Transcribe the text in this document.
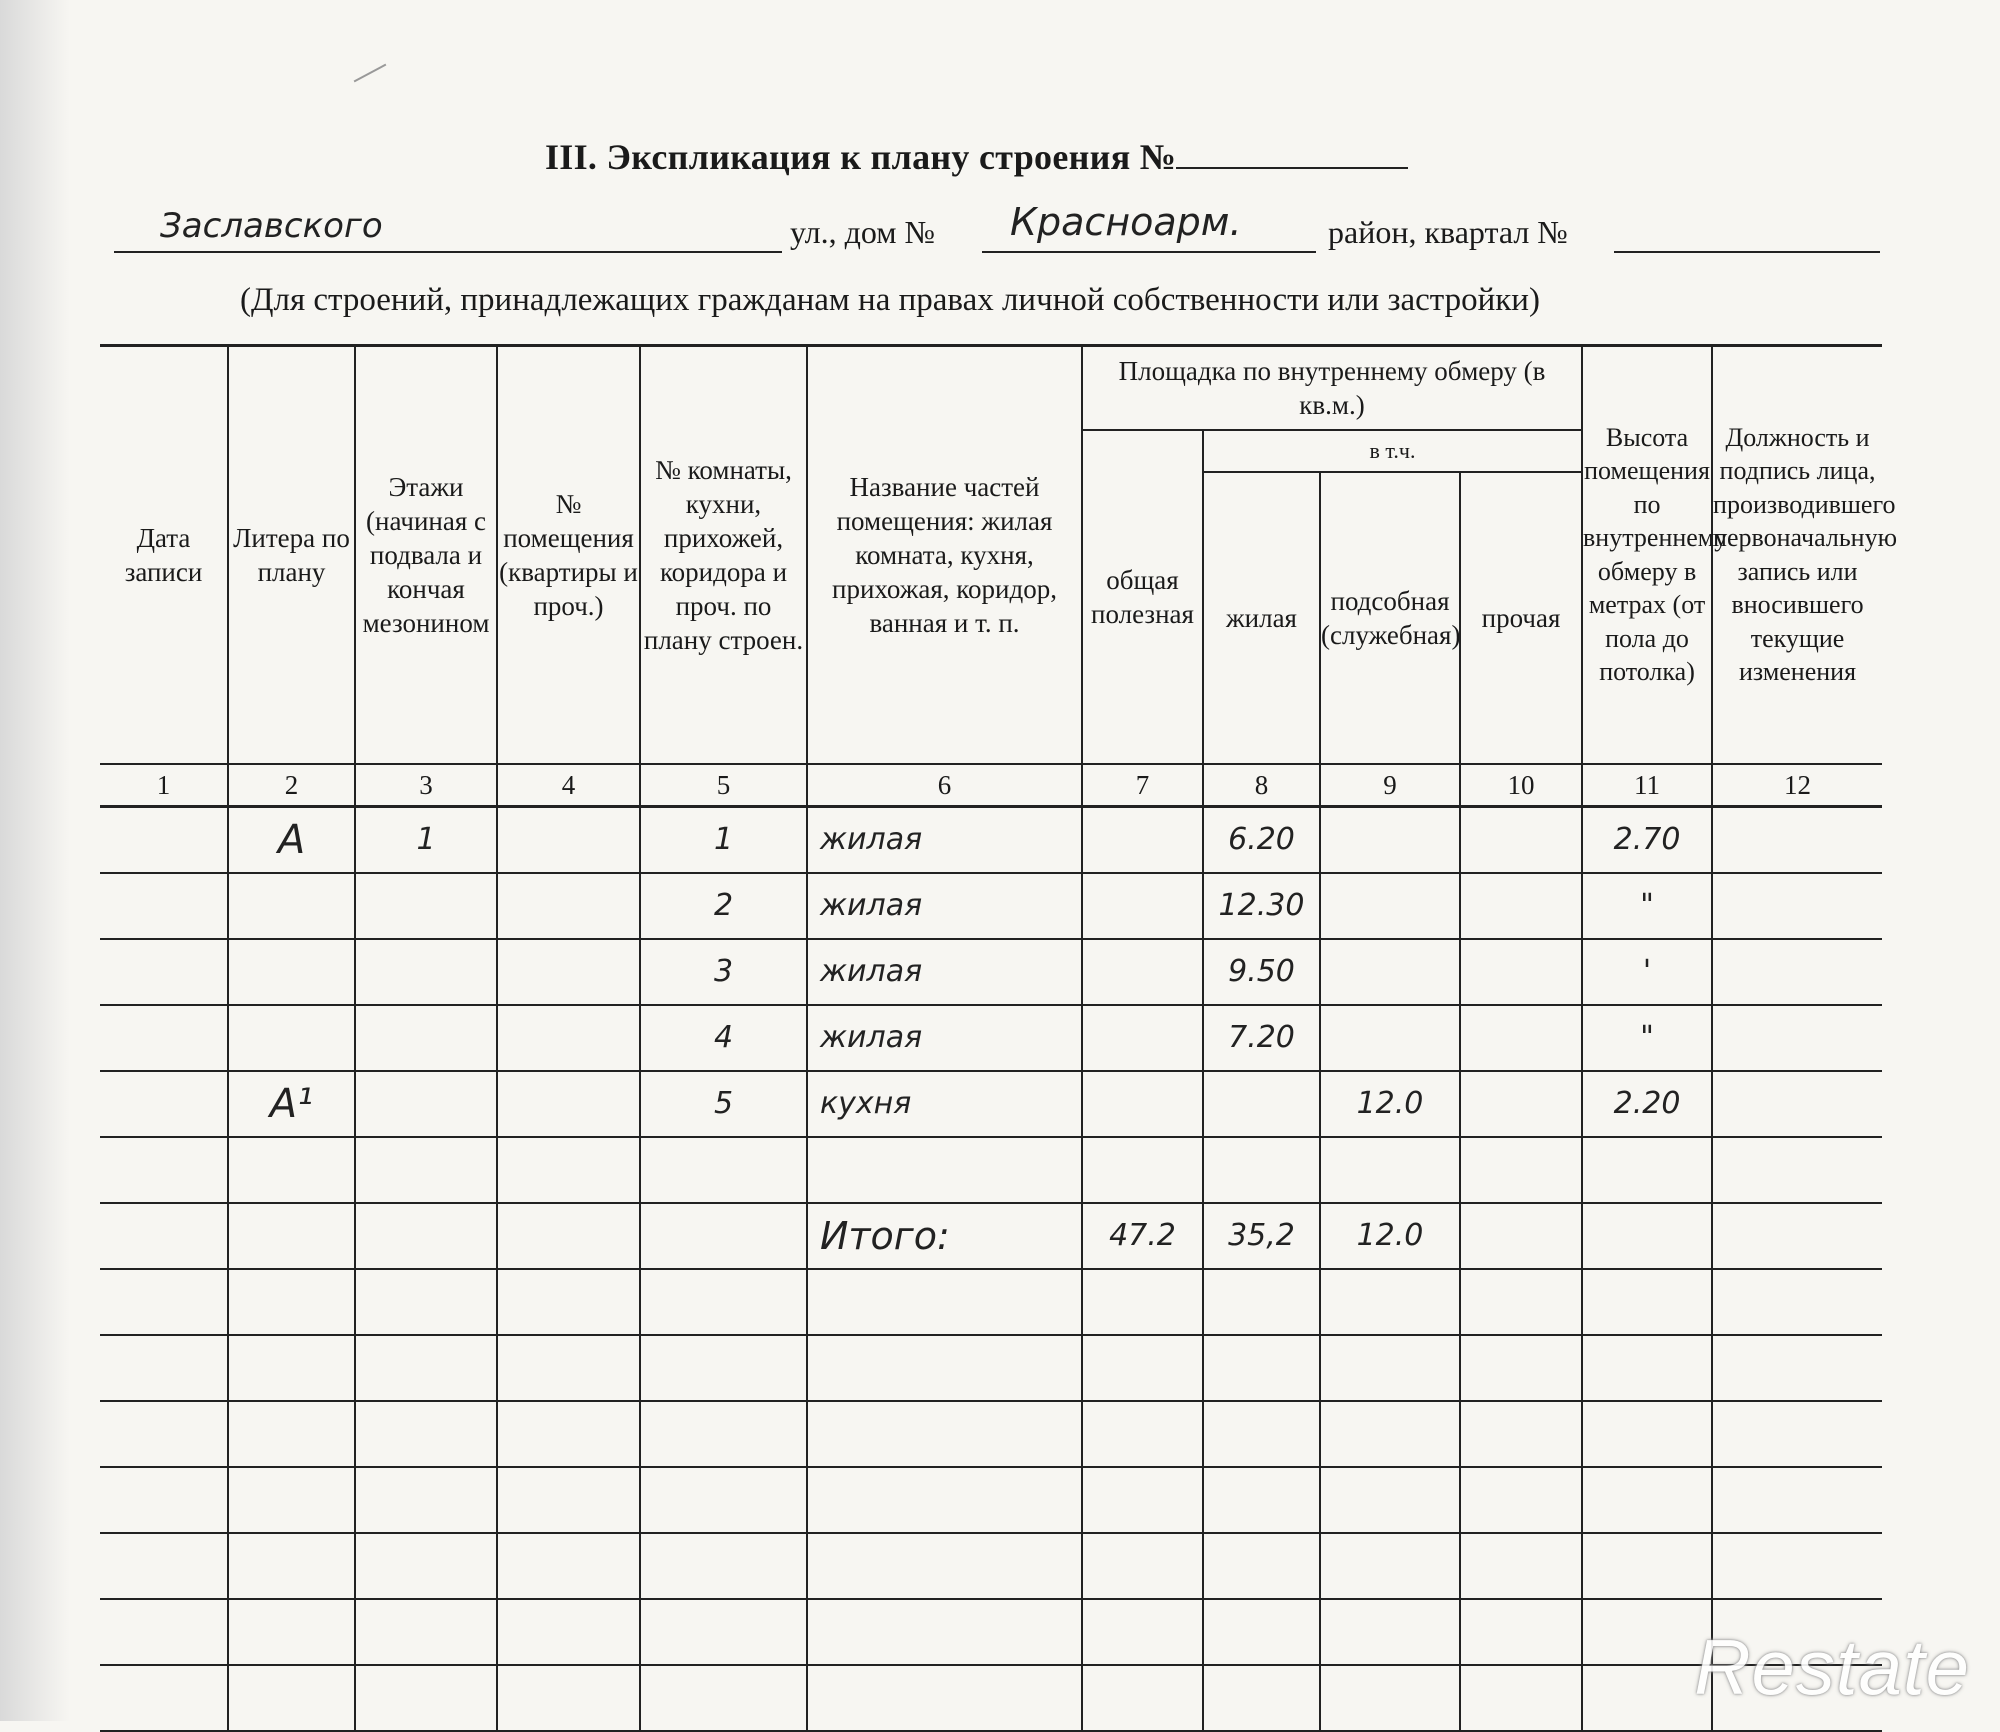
III. Экспликация к плану строения №
Заславского	ул., дом № Красноарм.	район, квартал №
(Для строений, принадлежащих гражданам на правах личной собственности или застройки)
Дата записи	Литера по плану	Этажи (начиная с подвала и кончая мезонином	№ помещения (квартиры и проч.)	№ комнаты, кухни, прихожей, коридора и проч. по плану строен.	Название частей помещения: жилая комната, кухня, прихожая, коридор, ванная и т. п.	Площадка по внутреннему обмеру (в кв.м.)				Высота помещения по внутреннему обмеру в метрах (от пола до потолка)	Должность и подпись лица, производившего первоначальную запись или вносившего текущие изменения
						общая полезная	в т.ч.				
							жилая	подсобная (служебная)	прочая		
1	2	3	4	5	6	7	8	9	10	11	12
	А	1		1	жилая		6.20			2.70	
				2	жилая		12.30			"	
				3	жилая		9.50			'	
				4	жилая		7.20			"	
	А¹			5	кухня			12.0		2.20	

					Итого:	47.2	35,2	12.0			

Restate
